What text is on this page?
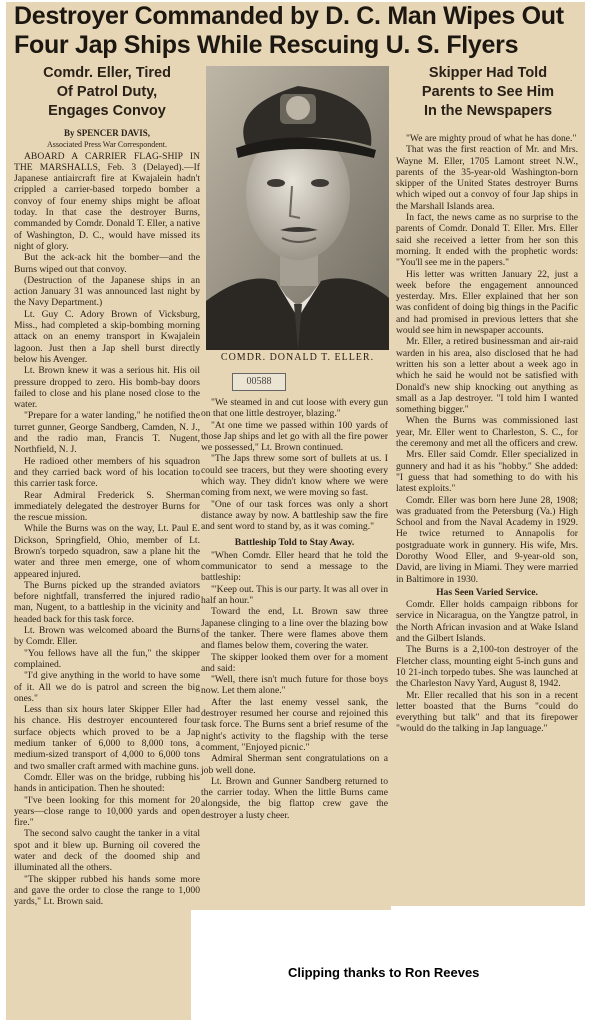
Destroyer Commanded by D. C. Man Wipes Out
Four Jap Ships While Rescuing U. S. Flyers
Comdr. Eller, Tired
Of Patrol Duty,
Engages Convoy

By SPENCER DAVIS,

Associated Press War Correspondent.

ABOARD A CARRIER FLAG-SHIP IN THE MARSHALLS, Feb. 3 (Delayed).—If Japanese antiaircraft fire at Kwajalein hadn't crippled a carrier-based torpedo bomber a convoy of four enemy ships might be afloat today. In that case the destroyer Burns, commanded by Comdr. Donald T. Eller, a native of Washington, D. C., would have missed its night of glory.

But the ack-ack hit the bomber—and the Burns wiped out that convoy.

(Destruction of the Japanese ships in an action January 31 was announced last night by the Navy Department.)

Lt. Guy C. Adory Brown of Vicksburg, Miss., had completed a skip-bombing morning attack on an enemy transport in Kwajalein lagoon. Just then a Jap shell burst directly below his Avenger.

Lt. Brown knew it was a serious hit. His oil pressure dropped to zero. His bomb-bay doors failed to close and his plane nosed close to the water.

"Prepare for a water landing," he notified the turret gunner, George Sandberg, Camden, N. J., and the radio man, Francis T. Nugent, Northfield, N. J.

He radioed other members of his squadron and they carried back word of his location to this carrier task force.

Rear Admiral Frederick S. Sherman immediately delegated the destroyer Burns for the rescue mission.

While the Burns was on the way, Lt. Paul E. Dickson, Springfield, Ohio, member of Lt. Brown's torpedo squadron, saw a plane hit the water and three men emerge, one of whom appeared injured.

The Burns picked up the stranded aviators before nightfall, transferred the injured radio man, Nugent, to a battleship in the vicinity and headed back for this task force.

Lt. Brown was welcomed aboard the Burns by Comdr. Eller.

"You fellows have all the fun," the skipper complained.

"I'd give anything in the world to have some of it. All we do is patrol and screen the big ones."

Less than six hours later Skipper Eller had his chance. His destroyer encountered four surface objects which proved to be a Jap medium tanker of 6,000 to 8,000 tons, a medium-sized transport of 4,000 to 6,000 tons and two smaller craft armed with machine guns.

Comdr. Eller was on the bridge, rubbing his hands in anticipation. Then he shouted:

"I've been looking for this moment for 20 years—close range to 10,000 yards and open fire."

The second salvo caught the tanker in a vital spot and it blew up. Burning oil covered the water and deck of the doomed ship and illuminated all the others.

"The skipper rubbed his hands some more and gave the order to close the range to 1,000 yards," Lt. Brown said.

COMDR. DONALD T. ELLER.
00588

"We steamed in and cut loose with every gun on that one little destroyer, blazing."

"At one time we passed within 100 yards of those Jap ships and let go with all the fire power we possessed," Lt. Brown continued.

"The Japs threw some sort of bullets at us. I could see tracers, but they were shooting every which way. They didn't know where we were coming from next, we were moving so fast.

"One of our task forces was only a short distance away by now. A battleship saw the fire and sent word to stand by, as it was coming."

Battleship Told to Stay Away.

"When Comdr. Eller heard that he told the communicator to send a message to the battleship:

"'Keep out. This is our party. It was all over in half an hour."

Toward the end, Lt. Brown saw three Japanese clinging to a line over the blazing bow of the tanker. There were flames above them and flames below them, covering the water.

The skipper looked them over for a moment and said:

"Well, there isn't much future for those boys now. Let them alone."

After the last enemy vessel sank, the destroyer resumed her course and rejoined this task force. The Burns sent a brief resume of the night's activity to the flagship with the terse comment, "Enjoyed picnic."

Admiral Sherman sent congratulations on a job well done.

Lt. Brown and Gunner Sandberg returned to the carrier today. When the little Burns came alongside, the big flattop crew gave the destroyer a lusty cheer.

Skipper Had Told
Parents to See Him
In the Newspapers

"We are mighty proud of what he has done."

That was the first reaction of Mr. and Mrs. Wayne M. Eller, 1705 Lamont street N.W., parents of the 35-year-old Washington-born skipper of the United States destroyer Burns which wiped out a convoy of four Jap ships in the Marshall Islands area.

In fact, the news came as no surprise to the parents of Comdr. Donald T. Eller. Mrs. Eller said she received a letter from her son this morning. It ended with the prophetic words: "You'll see me in the papers."

His letter was written January 22, just a week before the engagement announced yesterday. Mrs. Eller explained that her son was confident of doing big things in the Pacific and had promised in previous letters that she would see him in newspaper accounts.

Mr. Eller, a retired businessman and air-raid warden in his area, also disclosed that he had written his son a letter about a week ago in which he said he would not be satisfied with Donald's new ship knocking out anything as small as a Jap destroyer. "I told him I wanted something bigger."

When the Burns was commissioned last year, Mr. Eller went to Charleston, S. C., for the ceremony and met all the officers and crew.

Mrs. Eller said Comdr. Eller specialized in gunnery and had it as his "hobby." She added: "I guess that had something to do with his latest exploits."

Comdr. Eller was born here June 28, 1908; was graduated from the Petersburg (Va.) High School and from the Naval Academy in 1929. He twice returned to Annapolis for postgraduate work in gunnery. His wife, Mrs. Dorothy Wood Eller, and 9-year-old son, David, are living in Miami. They were married in Baltimore in 1930.

Has Seen Varied Service.

Comdr. Eller holds campaign ribbons for service in Nicaragua, on the Yangtze patrol, in the North African invasion and at Wake Island and the Gilbert Islands.

The Burns is a 2,100-ton destroyer of the Fletcher class, mounting eight 5-inch guns and 10 21-inch torpedo tubes. She was launched at the Charleston Navy Yard, August 8, 1942.

Mr. Eller recalled that his son in a recent letter boasted that the Burns "could do everything but talk" and that its firepower "would do the talking in Jap language."

Clipping thanks to Ron Reeves
